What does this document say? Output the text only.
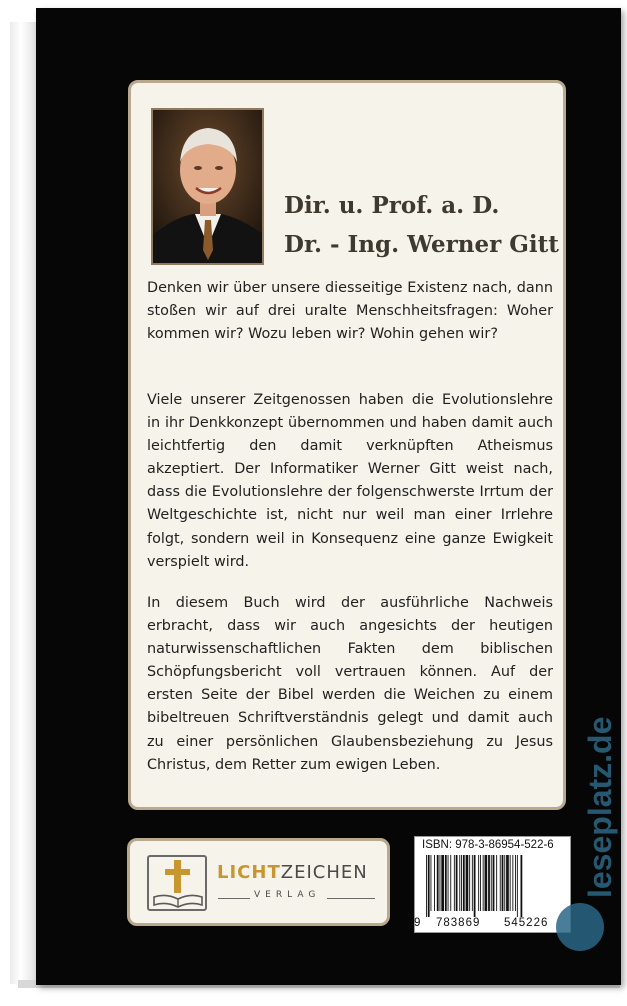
Dir. u. Prof. a. D.
Dr. - Ing. Werner Gitt

Denken wir über unsere diesseitige Existenz nach, dann stoßen wir auf drei uralte Menschheitsfragen: Woher kommen wir? Wozu leben wir? Wohin gehen wir?

Viele unserer Zeitgenossen haben die Evolutionslehre in ihr Denkkonzept übernommen und haben damit auch leichtfertig den damit verknüpften Atheismus akzeptiert. Der Informatiker Werner Gitt weist nach, dass die Evolutionslehre der folgenschwerste Irrtum der Weltgeschichte ist, nicht nur weil man einer Irrlehre folgt, sondern weil in Konsequenz eine ganze Ewigkeit verspielt wird.

In diesem Buch wird der ausführliche Nachweis erbracht, dass wir auch angesichts der heutigen naturwissenschaftlichen Fakten dem biblischen Schöpfungsbericht voll vertrauen können. Auf der ersten Seite der Bibel werden die Weichen zu einem bibeltreuen Schriftverständnis gelegt und damit auch zu einer persönlichen Glaubensbeziehung zu Jesus Christus, dem Retter zum ewigen Leben.

LICHTZEICHEN
VERLAG
ISBN: 978-3-86954-522-6
9 783869 545226
leseplatz.de
